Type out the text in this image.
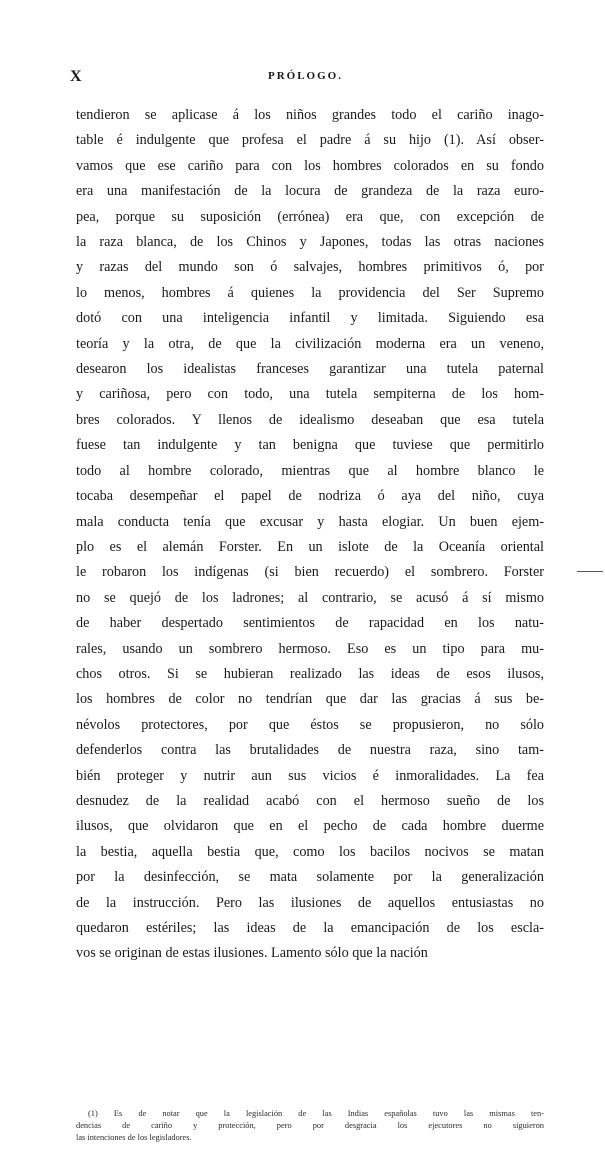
X	PRÓLOGO.
tendieron se aplicase á los niños grandes todo el cariño inago-
table é indulgente que profesa el padre á su hijo (1). Así obser-
vamos que ese cariño para con los hombres colorados en su fondo
era una manifestación de la locura de grandeza de la raza euro-
pea, porque su suposición (errónea) era que, con excepción de
la raza blanca, de los Chinos y Japones, todas las otras naciones
y razas del mundo son ó salvajes, hombres primitivos ó, por
lo menos, hombres á quienes la providencia del Ser Supremo
dotó con una inteligencia infantil y limitada. Siguiendo esa
teoría y la otra, de que la civilización moderna era un veneno,
desearon los idealistas franceses garantizar una tutela paternal
y cariñosa, pero con todo, una tutela sempiterna de los hom-
bres colorados. Y llenos de idealismo deseaban que esa tutela
fuese tan indulgente y tan benigna que tuviese que permitirlo
todo al hombre colorado, mientras que al hombre blanco le
tocaba desempeñar el papel de nodriza ó aya del niño, cuya
mala conducta tenía que excusar y hasta elogiar. Un buen ejem-
plo es el alemán Forster. En un islote de la Oceanía oriental
le robaron los indígenas (si bien recuerdo) el sombrero. Forster
no se quejó de los ladrones; al contrario, se acusó á sí mismo
de haber despertado sentimientos de rapacidad en los natu-
rales, usando un sombrero hermoso. Eso es un tipo para mu-
chos otros. Si se hubieran realizado las ideas de esos ilusos,
los hombres de color no tendrían que dar las gracias á sus be-
névolos protectores, por que éstos se propusieron, no sólo
defenderlos contra las brutalidades de nuestra raza, sino tam-
bién proteger y nutrir aun sus vicios é inmoralidades. La fea
desnudez de la realidad acabó con el hermoso sueño de los
ilusos, que olvidaron que en el pecho de cada hombre duerme
la bestia, aquella bestia que, como los bacilos nocivos se matan
por la desinfección, se mata solamente por la generalización
de la instrucción. Pero las ilusiones de aquellos entusiastas no
quedaron estériles; las ideas de la emancipación de los escla-
vos se originan de estas ilusiones. Lamento sólo que la nación
(1) Es de notar que la legislación de las Indias españolas tuvo las mismas ten-
dencias de cariño y protección, pero por desgracia los ejecutores no siguieron
las intenciones de los legisladores.
